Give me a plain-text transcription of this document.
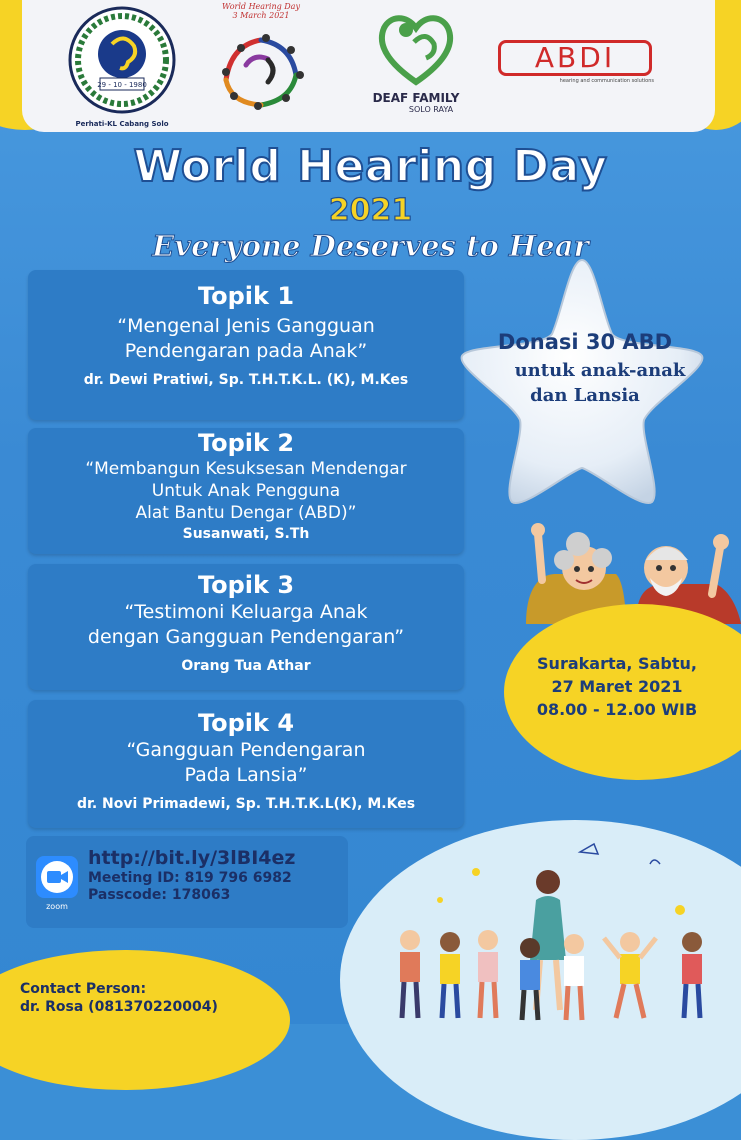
29 - 10 - 1980
Perhati-KL Cabang Solo
World Hearing Day
3 March 2021
DEAF FAMILY
SOLO RAYA
ABDI
hearing and communication solutions
World Hearing Day
2021
Everyone Deserves to Hear
Topik 1
“Mengenal Jenis Gangguan
Pendengaran pada Anak”
dr. Dewi Pratiwi, Sp. T.H.T.K.L. (K), M.Kes
Topik 2
“Membangun Kesuksesan Mendengar
Untuk Anak Pengguna
Alat Bantu Dengar (ABD)”
Susanwati, S.Th
Topik 3
“Testimoni Keluarga Anak
dengan Gangguan Pendengaran”
Orang Tua Athar
Topik 4
“Gangguan Pendengaran
Pada Lansia”
dr. Novi Primadewi, Sp. T.H.T.K.L(K), M.Kes
Donasi 30 ABD
untuk anak-anak
dan Lansia
Surakarta, Sabtu,
27 Maret 2021
08.00 - 12.00 WIB
zoom
http://bit.ly/3lBI4ez
Meeting ID: 819 796 6982
Passcode: 178063
Contact Person:
dr. Rosa (081370220004)
